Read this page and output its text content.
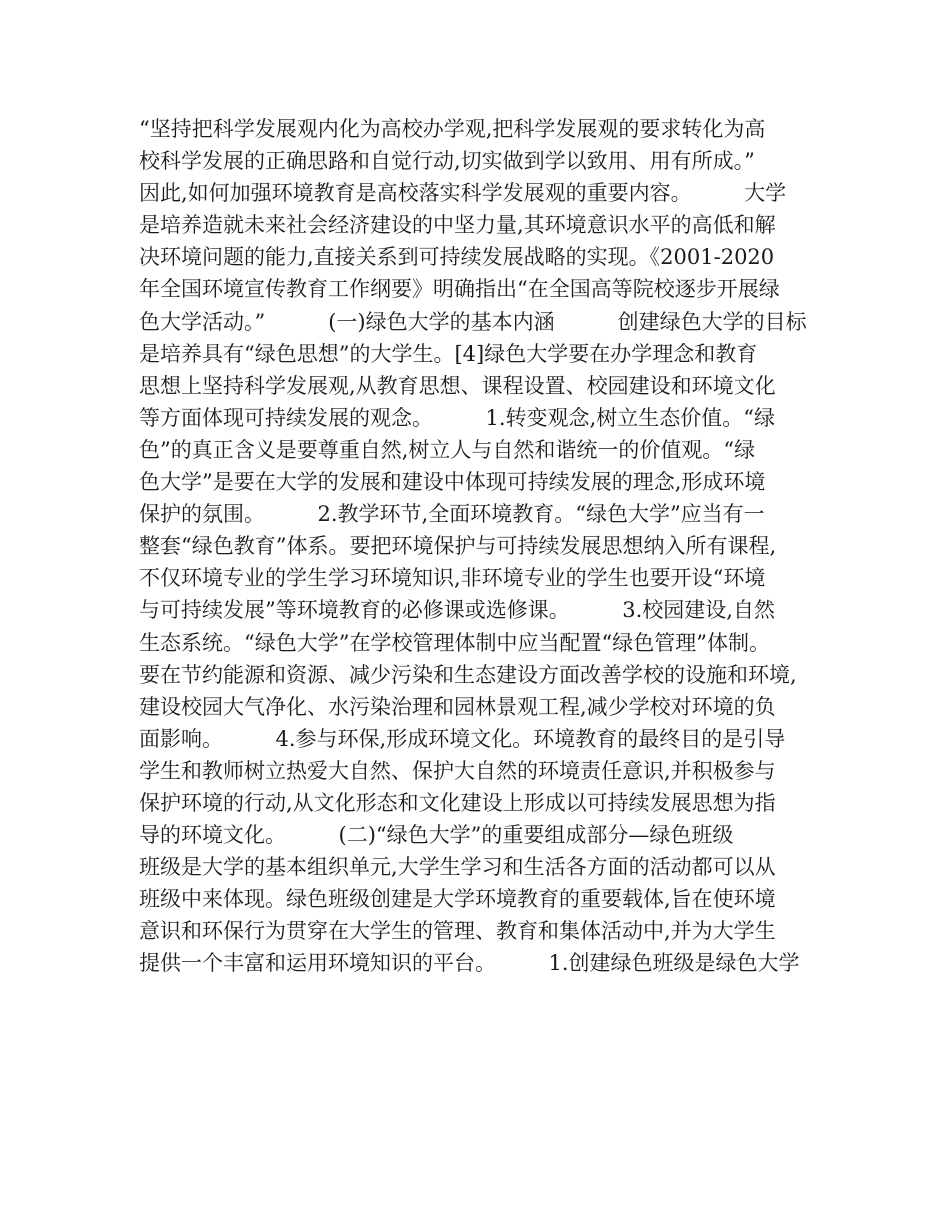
“坚持把科学发展观内化为高校办学观,把科学发展观的要求转化为高
校科学发展的正确思路和自觉行动,切实做到学以致用、用有所成。”
因此,如何加强环境教育是高校落实科学发展观的重要内容。　　　大学
是培养造就未来社会经济建设的中坚力量,其环境意识水平的高低和解
决环境问题的能力,直接关系到可持续发展战略的实现。《2001-2020
年全国环境宣传教育工作纲要》明确指出“在全国高等院校逐步开展绿
色大学活动。”　　　(一)绿色大学的基本内涵　　　创建绿色大学的目标
是培养具有“绿色思想”的大学生。[4]绿色大学要在办学理念和教育
思想上坚持科学发展观,从教育思想、课程设置、校园建设和环境文化
等方面体现可持续发展的观念。　　　1.转变观念,树立生态价值。“绿
色”的真正含义是要尊重自然,树立人与自然和谐统一的价值观。“绿
色大学”是要在大学的发展和建设中体现可持续发展的理念,形成环境
保护的氛围。　　　2.教学环节,全面环境教育。“绿色大学”应当有一
整套“绿色教育”体系。要把环境保护与可持续发展思想纳入所有课程,
不仅环境专业的学生学习环境知识,非环境专业的学生也要开设“环境
与可持续发展”等环境教育的必修课或选修课。　　　3.校园建设,自然
生态系统。“绿色大学”在学校管理体制中应当配置“绿色管理”体制。
要在节约能源和资源、减少污染和生态建设方面改善学校的设施和环境,
建设校园大气净化、水污染治理和园林景观工程,减少学校对环境的负
面影响。　　　4.参与环保,形成环境文化。环境教育的最终目的是引导
学生和教师树立热爱大自然、保护大自然的环境责任意识,并积极参与
保护环境的行动,从文化形态和文化建设上形成以可持续发展思想为指
导的环境文化。　　　(二)“绿色大学”的重要组成部分—绿色班级
班级是大学的基本组织单元,大学生学习和生活各方面的活动都可以从
班级中来体现。绿色班级创建是大学环境教育的重要载体,旨在使环境
意识和环保行为贯穿在大学生的管理、教育和集体活动中,并为大学生
提供一个丰富和运用环境知识的平台。　　　1.创建绿色班级是绿色大学
